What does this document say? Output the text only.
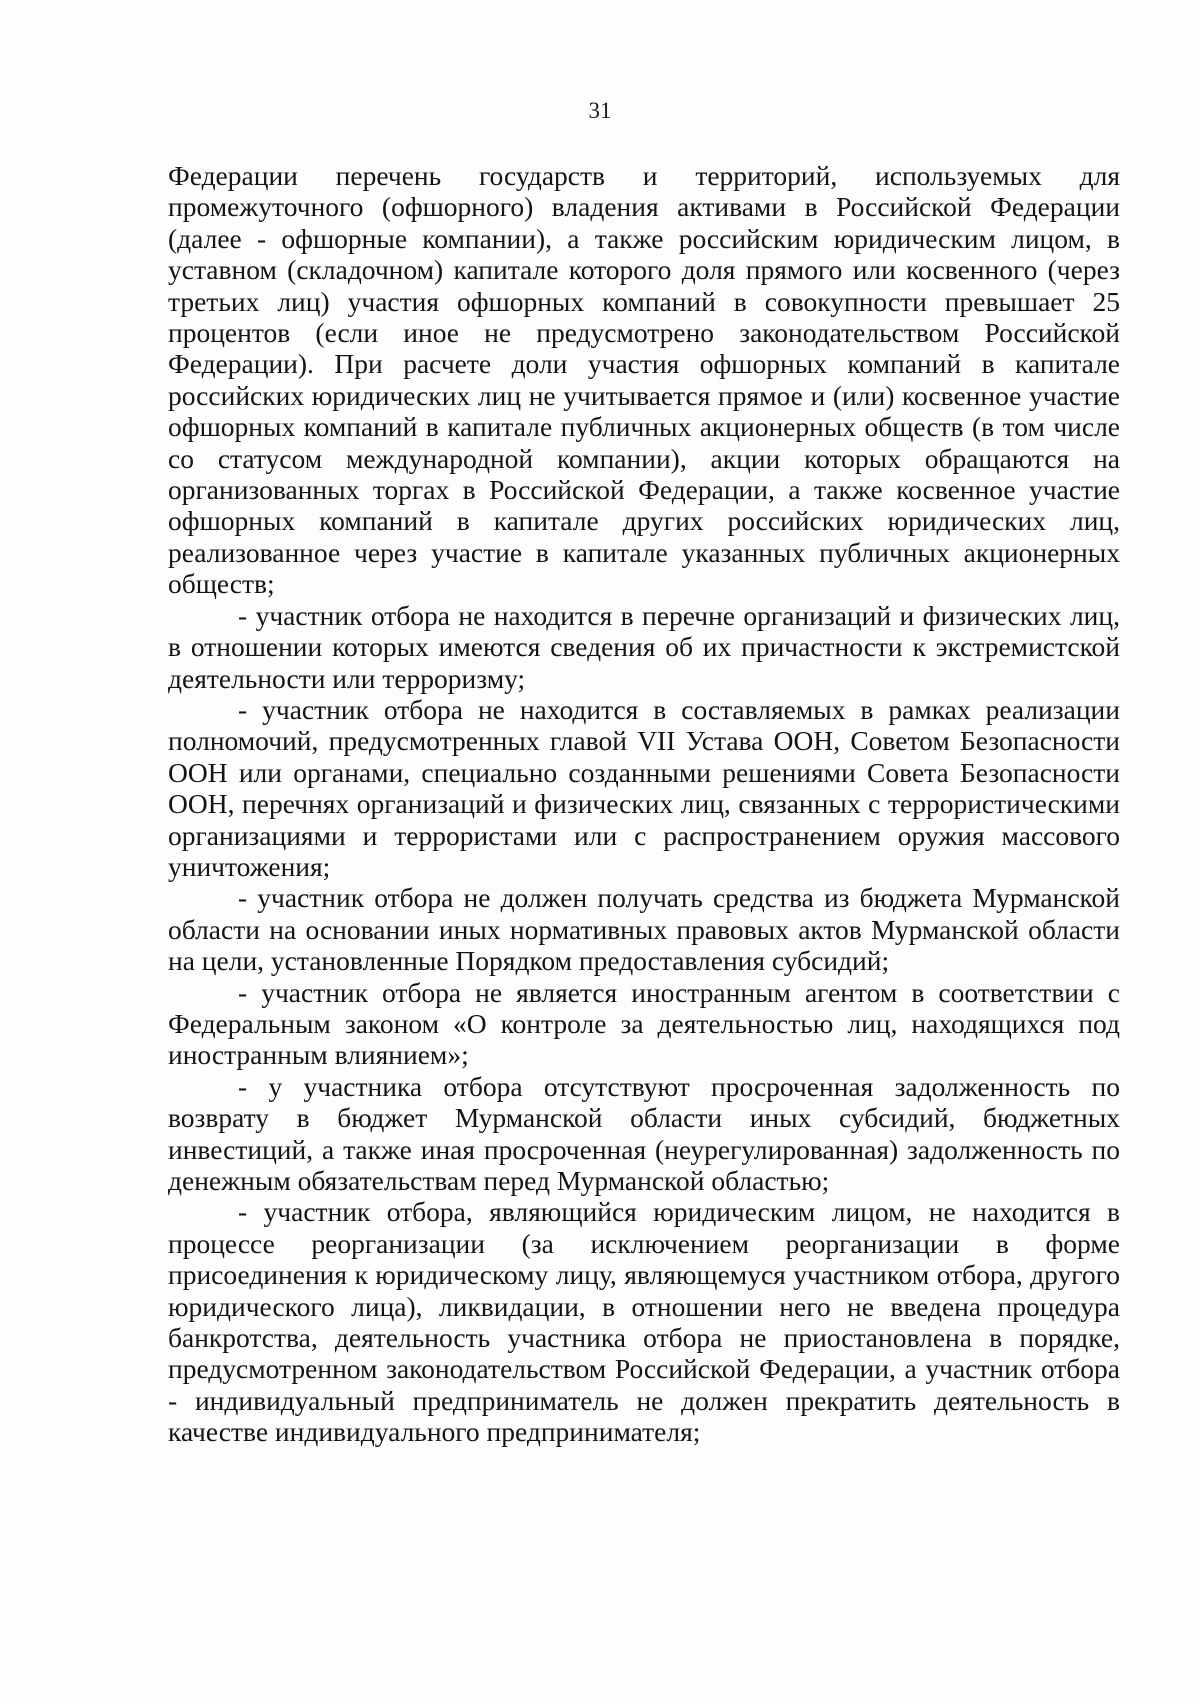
31

Федерации перечень государств и территорий, используемых для промежуточного (офшорного) владения активами в Российской Федерации (далее - офшорные компании), а также российским юридическим лицом, в уставном (складочном) капитале которого доля прямого или косвенного (через третьих лиц) участия офшорных компаний в совокупности превышает 25 процентов (если иное не предусмотрено законодательством Российской Федерации). При расчете доли участия офшорных компаний в капитале российских юридических лиц не учитывается прямое и (или) косвенное участие офшорных компаний в капитале публичных акционерных обществ (в том числе со статусом международной компании), акции которых обращаются на организованных торгах в Российской Федерации, а также косвенное участие офшорных компаний в капитале других российских юридических лиц, реализованное через участие в капитале указанных публичных акционерных обществ;

- участник отбора не находится в перечне организаций и физических лиц, в отношении которых имеются сведения об их причастности к экстремистской деятельности или терроризму;

- участник отбора не находится в составляемых в рамках реализации полномочий, предусмотренных главой VII Устава ООН, Советом Безопасности ООН или органами, специально созданными решениями Совета Безопасности ООН, перечнях организаций и физических лиц, связанных с террористическими организациями и террористами или с распространением оружия массового уничтожения;

- участник отбора не должен получать средства из бюджета Мурманской области на основании иных нормативных правовых актов Мурманской области на цели, установленные Порядком предоставления субсидий;

- участник отбора не является иностранным агентом в соответствии с Федеральным законом «О контроле за деятельностью лиц, находящихся под иностранным влиянием»;

- у участника отбора отсутствуют просроченная задолженность по возврату в бюджет Мурманской области иных субсидий, бюджетных инвестиций, а также иная просроченная (неурегулированная) задолженность по денежным обязательствам перед Мурманской областью;

- участник отбора, являющийся юридическим лицом, не находится в процессе реорганизации (за исключением реорганизации в форме присоединения к юридическому лицу, являющемуся участником отбора, другого юридического лица), ликвидации, в отношении него не введена процедура банкротства, деятельность участника отбора не приостановлена в порядке, предусмотренном законодательством Российской Федерации, а участник отбора - индивидуальный предприниматель не должен прекратить деятельность в качестве индивидуального предпринимателя;
